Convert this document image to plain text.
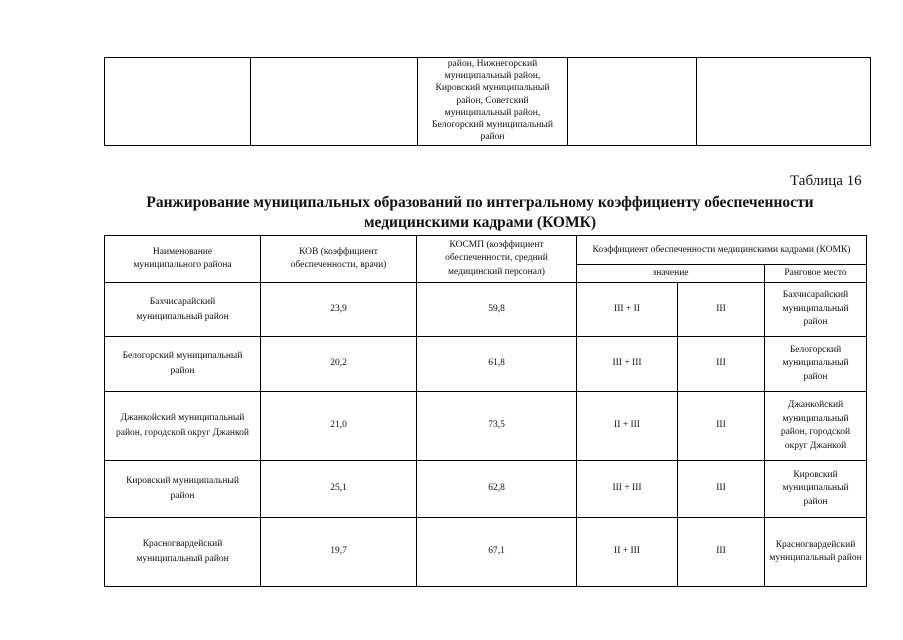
		район, Нижнегорский муниципальный район, Кировский муниципальный район, Советский муниципальный район, Белогорский муниципальный район		
Таблица 16
Ранжирование муниципальных образований по интегральному коэффициенту обеспеченности медицинскими кадрами (КОМК)
Наименование муниципального района	КОВ (коэффициент обеспеченности, врачи)	КОСМП (коэффициент обеспеченности, средний медицинский персонал)	Коэффициент обеспеченности медицинскими кадрами (КОМК)		
			значение		Ранговое место
Бахчисарайский муниципальный район	23,9	59,8	III + II	III	Бахчисарайский муниципальный район
Белогорский муниципальный район	20,2	61,8	III + III	III	Белогорский муниципальный район
Джанкойский муниципальный район, городской округ Джанкой	21,0	73,5	II + III	III	Джанкойский муниципальный район, городской округ Джанкой
Кировский муниципальный район	25,1	62,8	III + III	III	Кировский муниципальный район
Красногвардейский муниципальный район	19,7	67,1	II + III	III	Красногвардейский муниципальный район
